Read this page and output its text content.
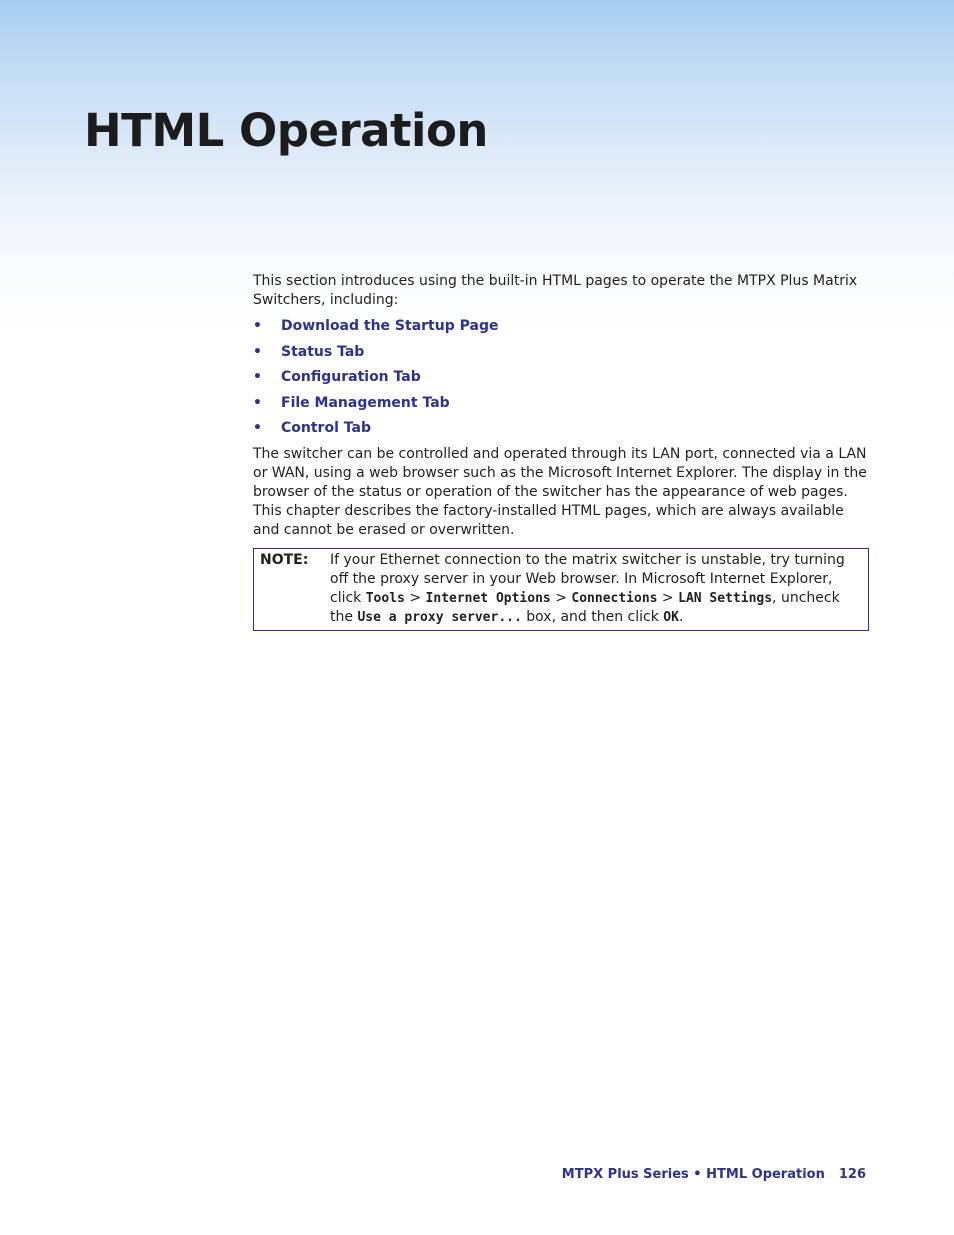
HTML Operation

This section introduces using the built-in HTML pages to operate the MTPX Plus Matrix Switchers, including:

• Download the Startup Page
• Status Tab
• Configuration Tab
• File Management Tab
• Control Tab

The switcher can be controlled and operated through its LAN port, connected via a LAN or WAN, using a web browser such as the Microsoft Internet Explorer. The display in the browser of the status or operation of the switcher has the appearance of web pages. This chapter describes the factory-installed HTML pages, which are always available and cannot be erased or overwritten.

NOTE:	If your Ethernet connection to the matrix switcher is unstable, try turning off the proxy server in your Web browser. In Microsoft Internet Explorer, click Tools > Internet Options > Connections > LAN Settings, uncheck the Use a proxy server... box, and then click OK.
MTPX Plus Series • HTML Operation 126
